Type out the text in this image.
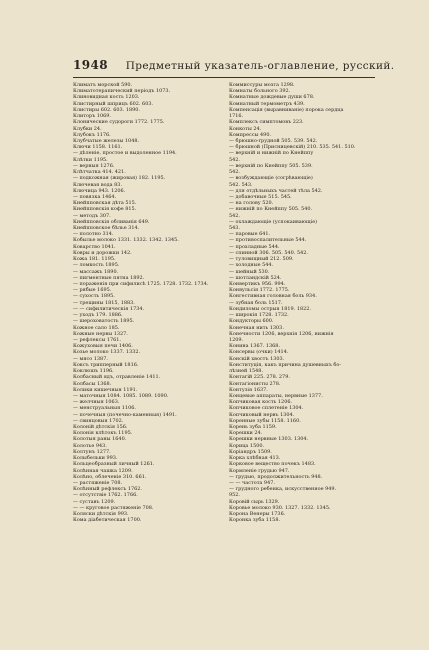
1948 Предметный указатель-оглавление, русский.
Климатъ морской 590.
Климатотерапический періодъ 1073.
Клиновидная кость 1203.
Клистирный шприцъ 602. 603.
Клистиры 602. 603. 1890.
Клиторъ 1069.
Клонические судороги 1772. 1775.
Клубки 24.
Клубокъ 1176.
Клубчатые железы 1048.
Ключи 1158. 1161.
— дѣленіе, простое и выдоленное 1194.
Клѣтки 1195.
— верныя 1276.
Клѣтчатка 414. 421.
— подкожная (жировая) 182. 1195.
Ключевая вода 83.
Ключица 943. 1206.
— повязка 1464.
Кнейпповская дѣта 515.
Кнейпповскія кофе 815.
— методъ 307.
Кнейпповскія обливанія 649.
Кнейпповское бѣлье 314.
— полотно 314.
Кобылье молоко 1331. 1332. 1342. 1345.
Коварство 1041.
Ковры и дорожки 142.
Кожа 181. 1195.
— ломкость 1895.
— массажъ 1890.
— пигментные пятна 1892.
— пораженія при сифилисѣ 1725. 1728. 1732. 1734.
— рябые 1695.
— сухость 1895.
— трещины 1815, 1883.
— — сифилитическія 1734.
— уходъ 179. 1886.
— шероховатость 1895.
Кожное сало 185.
Кожные нервы 1327.
— рефлексы 1761.
Кожуховыя печи 1406.
Козье молоко 1337. 1332.
— мясо 1387.
Коксъ трипперный 1816.
Коклюшъ 1196.
Колбасный ядъ, отравленіе 1411.
Колбасы 1368.
Колики кишечныя 1191.
— маточныя 1084. 1085. 1089. 1090.
— желчныя 1063.
— менструальныя 1106.
— почечныя (почечно-каменныя) 1491.
— свинцовыя 1702.
Колоній дѣтскія 156.
Колонія клѣтокъ 1195.
Колотыя раны 1640.
Колотье 943.
Колтунъ 1277.
Колыбельки 993.
Кольцеобразный личный 1261.
Колѣнная чашка 1209.
Колѣно, облеченіе 310. 661.
— растяженіе 708.
Колѣнный рефлексъ 1762.
— отсутствіе 1762. 1766.
— суставъ 1209.
— — круговое растяженіе 708.
Коляски дѣтскія 993.
Кома діабетическая 1700.
Коммиссуры мозга 1298.
Комнаты больного 392.
Комнатные дождевые души 678.
Комнатный термометръ 439.
Компенсація (выравниваніе) порока сердца
1716.
Комплексъ симптомовъ 223.
Конкоты 24.
Компрессы 490.
— брюшно-грудной 505. 539. 542.
— брюшной (Присницевскій) 210. 535. 541. 510.
— верхній и нижній по Кнейппу
542.
— верхній по Кнейппу 505. 539.
542.
— возбуждающіе (согрѣвающіе)
542. 543.
— для отдѣльныхъ частей тѣла 542.
— добавочные 515. 545.
— на голову 520.
— нижній по Кнейппу 505. 540.
542.
— охлаждающіе (успокаивающіе)
543.
— паровые 641.
— противоспалительные 544.
— прохладные 544.
— спинной 306. 505. 540. 542.
— туловищный 212. 509.
— холодные 544.
— шейный 530.
— шотландскій 524.
Конвертикъ 956. 994.
Конвульсія 1772. 1775.
Конгестивная головная боль 934.
— зубная боль 1517.
Кондиломы острыя 1819. 1822.
— широкія 1728. 1732.
Кондукторы 600.
Конечная нить 1303.
Конечности 1206, верхнія 1206, нижнія
1209.
Конина 1367. 1368.
Консервы (очки) 1414.
Конскій хвостъ 1303.
Конституція, какъ причина душевныхъ бо-
лѣзней 1548.
Контагій 225. 278. 279.
Контагіонисты 278.
Контузія 1637.
Концевые аппараты, нервные 1377.
Копчиковая кость 1206.
Копчиковое сплетеніе 1304.
Копчиковый нервъ 1304.
Коренные зубы 1158. 1160.
Корень зуба 1159.
Корешки 24.
Корешки нервные 1303. 1304.
Корица 1500.
Коріандръ 1509.
Корка хлѣбная 413.
Корковое вещество почекъ 1483.
Кормленіе грудью 947.
— грудью, продолжительность 948.
— — частота 947.
— грудного ребенка, искусственное 949.
952.
Коровій сырь 1329.
Коровье молоко 930. 1327. 1332. 1345.
Корона Венеры 1736.
Коронка зуба 1158.
